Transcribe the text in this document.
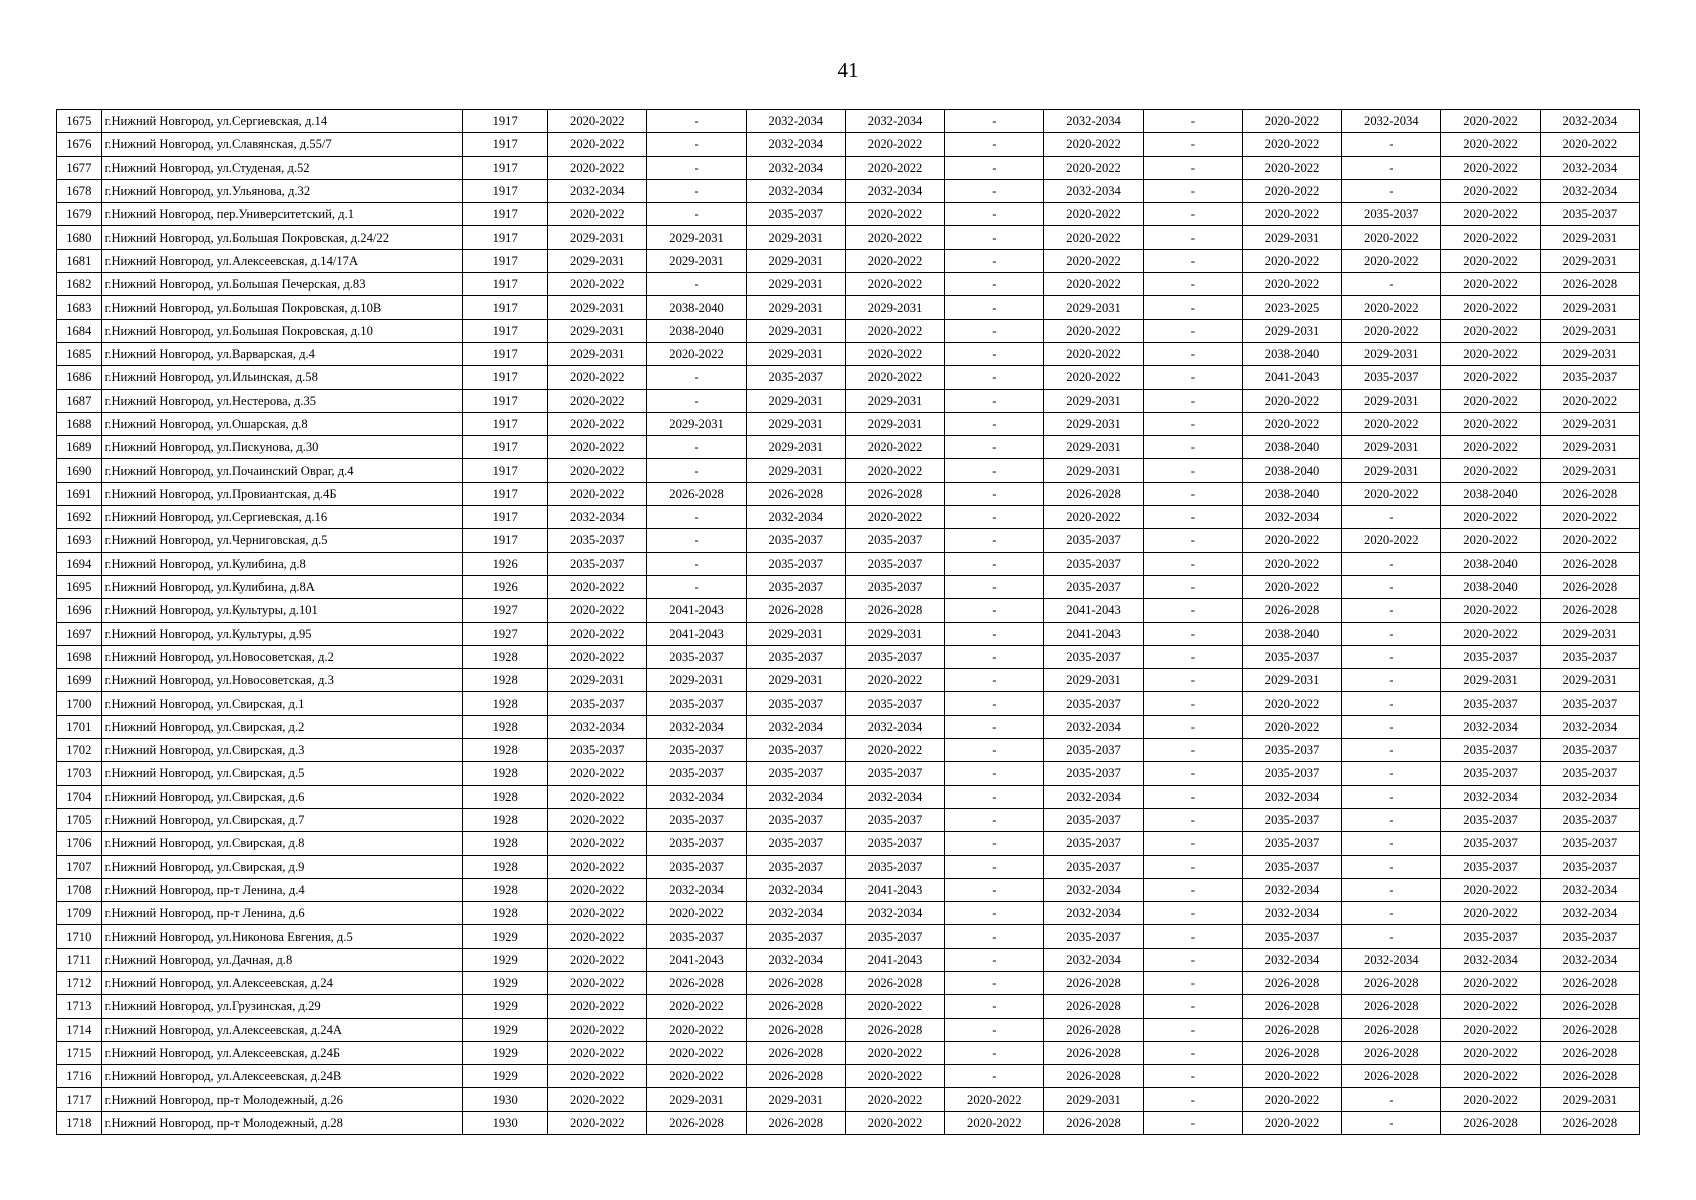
41
1675	г.Нижний Новгород, ул.Сергиевская, д.14	1917	2020-2022	-	2032-2034	2032-2034	-	2032-2034	-	2020-2022	2032-2034	2020-2022	2032-2034
1676	г.Нижний Новгород, ул.Славянская, д.55/7	1917	2020-2022	-	2032-2034	2020-2022	-	2020-2022	-	2020-2022	-	2020-2022	2020-2022
1677	г.Нижний Новгород, ул.Студеная, д.52	1917	2020-2022	-	2032-2034	2020-2022	-	2020-2022	-	2020-2022	-	2020-2022	2032-2034
1678	г.Нижний Новгород, ул.Ульянова, д.32	1917	2032-2034	-	2032-2034	2032-2034	-	2032-2034	-	2020-2022	-	2020-2022	2032-2034
1679	г.Нижний Новгород, пер.Университетский, д.1	1917	2020-2022	-	2035-2037	2020-2022	-	2020-2022	-	2020-2022	2035-2037	2020-2022	2035-2037
1680	г.Нижний Новгород, ул.Большая Покровская, д.24/22	1917	2029-2031	2029-2031	2029-2031	2020-2022	-	2020-2022	-	2029-2031	2020-2022	2020-2022	2029-2031
1681	г.Нижний Новгород, ул.Алексеевская, д.14/17А	1917	2029-2031	2029-2031	2029-2031	2020-2022	-	2020-2022	-	2020-2022	2020-2022	2020-2022	2029-2031
1682	г.Нижний Новгород, ул.Большая Печерская, д.83	1917	2020-2022	-	2029-2031	2020-2022	-	2020-2022	-	2020-2022	-	2020-2022	2026-2028
1683	г.Нижний Новгород, ул.Большая Покровская, д.10В	1917	2029-2031	2038-2040	2029-2031	2029-2031	-	2029-2031	-	2023-2025	2020-2022	2020-2022	2029-2031
1684	г.Нижний Новгород, ул.Большая Покровская, д.10	1917	2029-2031	2038-2040	2029-2031	2020-2022	-	2020-2022	-	2029-2031	2020-2022	2020-2022	2029-2031
1685	г.Нижний Новгород, ул.Варварская, д.4	1917	2029-2031	2020-2022	2029-2031	2020-2022	-	2020-2022	-	2038-2040	2029-2031	2020-2022	2029-2031
1686	г.Нижний Новгород, ул.Ильинская, д.58	1917	2020-2022	-	2035-2037	2020-2022	-	2020-2022	-	2041-2043	2035-2037	2020-2022	2035-2037
1687	г.Нижний Новгород, ул.Нестерова, д.35	1917	2020-2022	-	2029-2031	2029-2031	-	2029-2031	-	2020-2022	2029-2031	2020-2022	2020-2022
1688	г.Нижний Новгород, ул.Ошарская, д.8	1917	2020-2022	2029-2031	2029-2031	2029-2031	-	2029-2031	-	2020-2022	2020-2022	2020-2022	2029-2031
1689	г.Нижний Новгород, ул.Пискунова, д.30	1917	2020-2022	-	2029-2031	2020-2022	-	2029-2031	-	2038-2040	2029-2031	2020-2022	2029-2031
1690	г.Нижний Новгород, ул.Почаинский Овраг, д.4	1917	2020-2022	-	2029-2031	2020-2022	-	2029-2031	-	2038-2040	2029-2031	2020-2022	2029-2031
1691	г.Нижний Новгород, ул.Провиантская, д.4Б	1917	2020-2022	2026-2028	2026-2028	2026-2028	-	2026-2028	-	2038-2040	2020-2022	2038-2040	2026-2028
1692	г.Нижний Новгород, ул.Сергиевская, д.16	1917	2032-2034	-	2032-2034	2020-2022	-	2020-2022	-	2032-2034	-	2020-2022	2020-2022
1693	г.Нижний Новгород, ул.Черниговская, д.5	1917	2035-2037	-	2035-2037	2035-2037	-	2035-2037	-	2020-2022	2020-2022	2020-2022	2020-2022
1694	г.Нижний Новгород, ул.Кулибина, д.8	1926	2035-2037	-	2035-2037	2035-2037	-	2035-2037	-	2020-2022	-	2038-2040	2026-2028
1695	г.Нижний Новгород, ул.Кулибина, д.8А	1926	2020-2022	-	2035-2037	2035-2037	-	2035-2037	-	2020-2022	-	2038-2040	2026-2028
1696	г.Нижний Новгород, ул.Культуры, д.101	1927	2020-2022	2041-2043	2026-2028	2026-2028	-	2041-2043	-	2026-2028	-	2020-2022	2026-2028
1697	г.Нижний Новгород, ул.Культуры, д.95	1927	2020-2022	2041-2043	2029-2031	2029-2031	-	2041-2043	-	2038-2040	-	2020-2022	2029-2031
1698	г.Нижний Новгород, ул.Новосоветская, д.2	1928	2020-2022	2035-2037	2035-2037	2035-2037	-	2035-2037	-	2035-2037	-	2035-2037	2035-2037
1699	г.Нижний Новгород, ул.Новосоветская, д.3	1928	2029-2031	2029-2031	2029-2031	2020-2022	-	2029-2031	-	2029-2031	-	2029-2031	2029-2031
1700	г.Нижний Новгород, ул.Свирская, д.1	1928	2035-2037	2035-2037	2035-2037	2035-2037	-	2035-2037	-	2020-2022	-	2035-2037	2035-2037
1701	г.Нижний Новгород, ул.Свирская, д.2	1928	2032-2034	2032-2034	2032-2034	2032-2034	-	2032-2034	-	2020-2022	-	2032-2034	2032-2034
1702	г.Нижний Новгород, ул.Свирская, д.3	1928	2035-2037	2035-2037	2035-2037	2020-2022	-	2035-2037	-	2035-2037	-	2035-2037	2035-2037
1703	г.Нижний Новгород, ул.Свирская, д.5	1928	2020-2022	2035-2037	2035-2037	2035-2037	-	2035-2037	-	2035-2037	-	2035-2037	2035-2037
1704	г.Нижний Новгород, ул.Свирская, д.6	1928	2020-2022	2032-2034	2032-2034	2032-2034	-	2032-2034	-	2032-2034	-	2032-2034	2032-2034
1705	г.Нижний Новгород, ул.Свирская, д.7	1928	2020-2022	2035-2037	2035-2037	2035-2037	-	2035-2037	-	2035-2037	-	2035-2037	2035-2037
1706	г.Нижний Новгород, ул.Свирская, д.8	1928	2020-2022	2035-2037	2035-2037	2035-2037	-	2035-2037	-	2035-2037	-	2035-2037	2035-2037
1707	г.Нижний Новгород, ул.Свирская, д.9	1928	2020-2022	2035-2037	2035-2037	2035-2037	-	2035-2037	-	2035-2037	-	2035-2037	2035-2037
1708	г.Нижний Новгород, пр-т Ленина, д.4	1928	2020-2022	2032-2034	2032-2034	2041-2043	-	2032-2034	-	2032-2034	-	2020-2022	2032-2034
1709	г.Нижний Новгород, пр-т Ленина, д.6	1928	2020-2022	2020-2022	2032-2034	2032-2034	-	2032-2034	-	2032-2034	-	2020-2022	2032-2034
1710	г.Нижний Новгород, ул.Никонова Евгения, д.5	1929	2020-2022	2035-2037	2035-2037	2035-2037	-	2035-2037	-	2035-2037	-	2035-2037	2035-2037
1711	г.Нижний Новгород, ул.Дачная, д.8	1929	2020-2022	2041-2043	2032-2034	2041-2043	-	2032-2034	-	2032-2034	2032-2034	2032-2034	2032-2034
1712	г.Нижний Новгород, ул.Алексеевская, д.24	1929	2020-2022	2026-2028	2026-2028	2026-2028	-	2026-2028	-	2026-2028	2026-2028	2020-2022	2026-2028
1713	г.Нижний Новгород, ул.Грузинская, д.29	1929	2020-2022	2020-2022	2026-2028	2020-2022	-	2026-2028	-	2026-2028	2026-2028	2020-2022	2026-2028
1714	г.Нижний Новгород, ул.Алексеевская, д.24А	1929	2020-2022	2020-2022	2026-2028	2026-2028	-	2026-2028	-	2026-2028	2026-2028	2020-2022	2026-2028
1715	г.Нижний Новгород, ул.Алексеевская, д.24Б	1929	2020-2022	2020-2022	2026-2028	2020-2022	-	2026-2028	-	2026-2028	2026-2028	2020-2022	2026-2028
1716	г.Нижний Новгород, ул.Алексеевская, д.24В	1929	2020-2022	2020-2022	2026-2028	2020-2022	-	2026-2028	-	2020-2022	2026-2028	2020-2022	2026-2028
1717	г.Нижний Новгород, пр-т Молодежный, д.26	1930	2020-2022	2029-2031	2029-2031	2020-2022	2020-2022	2029-2031	-	2020-2022	-	2020-2022	2029-2031
1718	г.Нижний Новгород, пр-т Молодежный, д.28	1930	2020-2022	2026-2028	2026-2028	2020-2022	2020-2022	2026-2028	-	2020-2022	-	2026-2028	2026-2028
